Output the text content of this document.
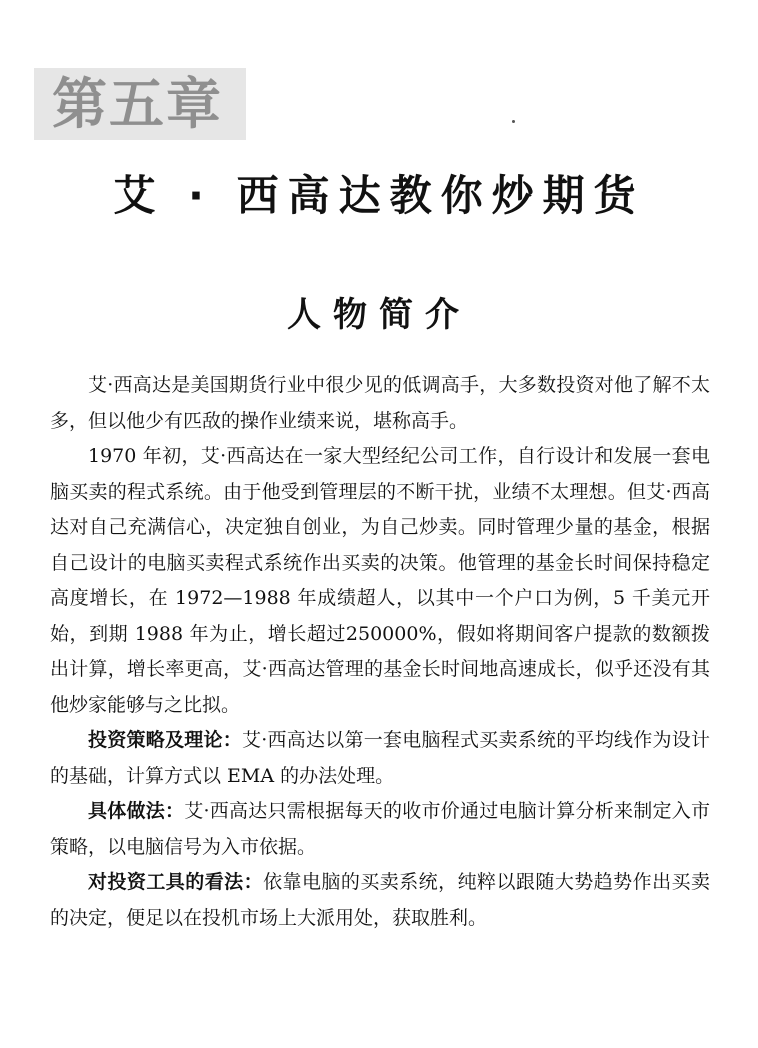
第五章
艾 · 西高达教你炒期货
人物简介

艾·西高达是美国期货行业中很少见的低调高手，大多数投资对他了解不太多，但以他少有匹敌的操作业绩来说，堪称高手。

1970 年初，艾·西高达在一家大型经纪公司工作，自行设计和发展一套电脑买卖的程式系统。由于他受到管理层的不断干扰，业绩不太理想。但艾·西高达对自己充满信心，决定独自创业，为自己炒卖。同时管理少量的基金，根据自己设计的电脑买卖程式系统作出买卖的决策。他管理的基金长时间保持稳定高度增长，在 1972—1988 年成绩超人，以其中一个户口为例，5 千美元开始，到期 1988 年为止，增长超过250000%，假如将期间客户提款的数额拨出计算，增长率更高，艾·西高达管理的基金长时间地高速成长，似乎还没有其他炒家能够与之比拟。

投资策略及理论：艾·西高达以第一套电脑程式买卖系统的平均线作为设计的基础，计算方式以 EMA 的办法处理。

具体做法：艾·西高达只需根据每天的收市价通过电脑计算分析来制定入市策略，以电脑信号为入市依据。

对投资工具的看法：依靠电脑的买卖系统，纯粹以跟随大势趋势作出买卖的决定，便足以在投机市场上大派用处，获取胜利。
